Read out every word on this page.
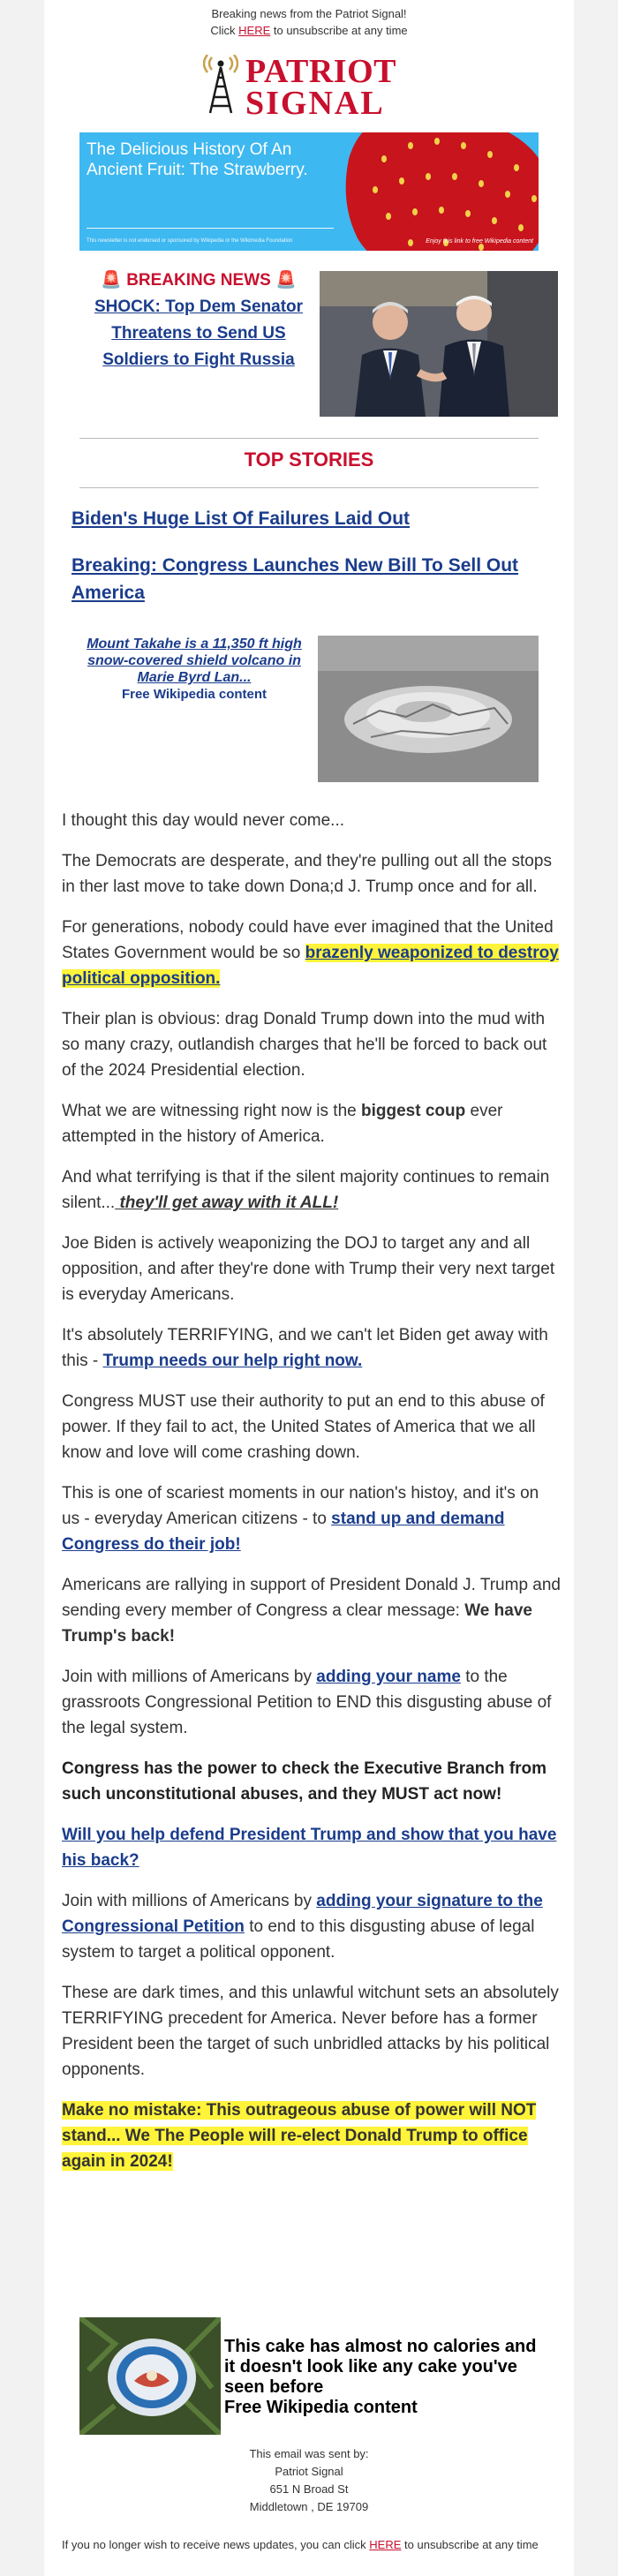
Breaking news from the Patriot Signal!
Click HERE to unsubscribe at any time
PATRIOT
SIGNAL
The Delicious History Of An Ancient Fruit: The Strawberry.
This newsletter is not endorsed or sponsored by Wikipedia or the Wikimedia Foundation	Enjoy this link to free Wikipedia content
🚨 BREAKING NEWS 🚨
SHOCK: Top Dem Senator Threatens to Send US Soldiers to Fight Russia
TOP STORIES
Biden's Huge List Of Failures Laid Out
Breaking: Congress Launches New Bill To Sell Out America
Mount Takahe is a 11,350 ft high snow-covered shield volcano in Marie Byrd Lan...
Free Wikipedia content

I thought this day would never come...

The Democrats are desperate, and they're pulling out all the stops in ther last move to take down Dona;d J. Trump once and for all.

For generations, nobody could have ever imagined that the United States Government would be so brazenly weaponized to destroy political opposition.

Their plan is obvious: drag Donald Trump down into the mud with so many crazy, outlandish charges that he'll be forced to back out of the 2024 Presidential election.

What we are witnessing right now is the biggest coup ever attempted in the history of America.

And what terrifying is that if the silent majority continues to remain silent... they'll get away with it ALL!

Joe Biden is actively weaponizing the DOJ to target any and all opposition, and after they're done with Trump their very next target is everyday Americans.

It's absolutely TERRIFYING, and we can't let Biden get away with this - Trump needs our help right now.

Congress MUST use their authority to put an end to this abuse of power. If they fail to act, the United States of America that we all know and love will come crashing down.

This is one of scariest moments in our nation's histoy, and it's on us - everyday American citizens - to stand up and demand Congress do their job!

Americans are rallying in support of President Donald J. Trump and sending every member of Congress a clear message: We have Trump's back!

Join with millions of Americans by adding your name to the grassroots Congressional Petition to END this disgusting abuse of the legal system.

Congress has the power to check the Executive Branch from such unconstitutional abuses, and they MUST act now!

Will you help defend President Trump and show that you have his back?

Join with millions of Americans by adding your signature to the Congressional Petition to end to this disgusting abuse of legal system to target a political opponent.

These are dark times, and this unlawful witchunt sets an absolutely TERRIFYING precedent for America. Never before has a former President been the target of such unbridled attacks by his political opponents.

Make no mistake: This outrageous abuse of power will NOT stand... We The People will re-elect Donald Trump to office again in 2024!

This cake has almost no calories and it doesn't look like any cake you've seen before
Free Wikipedia content
This email was sent by:
Patriot Signal
651 N Broad St
Middletown , DE 19709
If you no longer wish to receive news updates, you can click HERE to unsubscribe at any time
